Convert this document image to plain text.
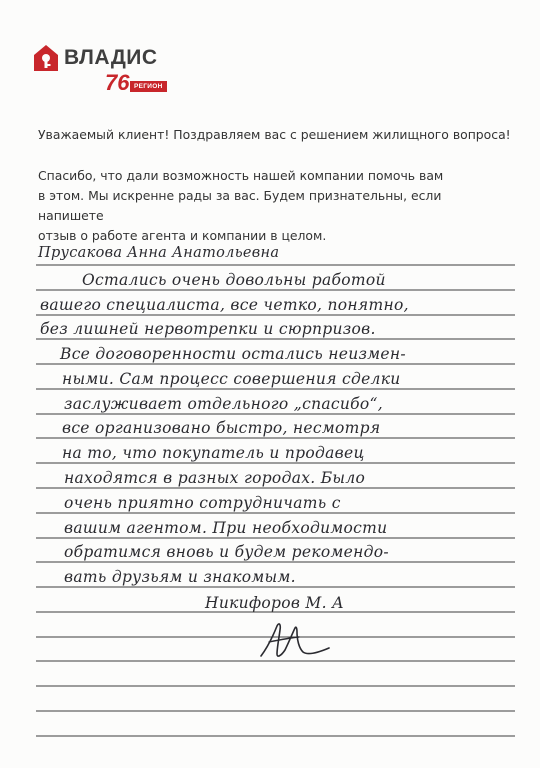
ВЛАДИС
76 РЕГИОН
Уважаемый клиент! Поздравляем вас с решением жилищного вопроса!
Спасибо, что дали возможность нашей компании помочь вам
в этом. Мы искренне рады за вас. Будем признательны, если напишете
отзыв о работе агента и компании в целом.
Прусакова Анна Анатольевна
Остались очень довольны работой
вашего специалиста, все четко, понятно,
без лишней нервотрепки и сюрпризов.
Все договоренности остались неизмен-
ными. Сам процесс совершения сделки
заслуживает отдельного „спасибо“,
все организовано быстро, несмотря
на то, что покупатель и продавец
находятся в разных городах. Было
очень приятно сотрудничать с
вашим агентом. При необходимости
обратимся вновь и будем рекомендо-
вать друзьям и знакомым.
Никифоров М. А
